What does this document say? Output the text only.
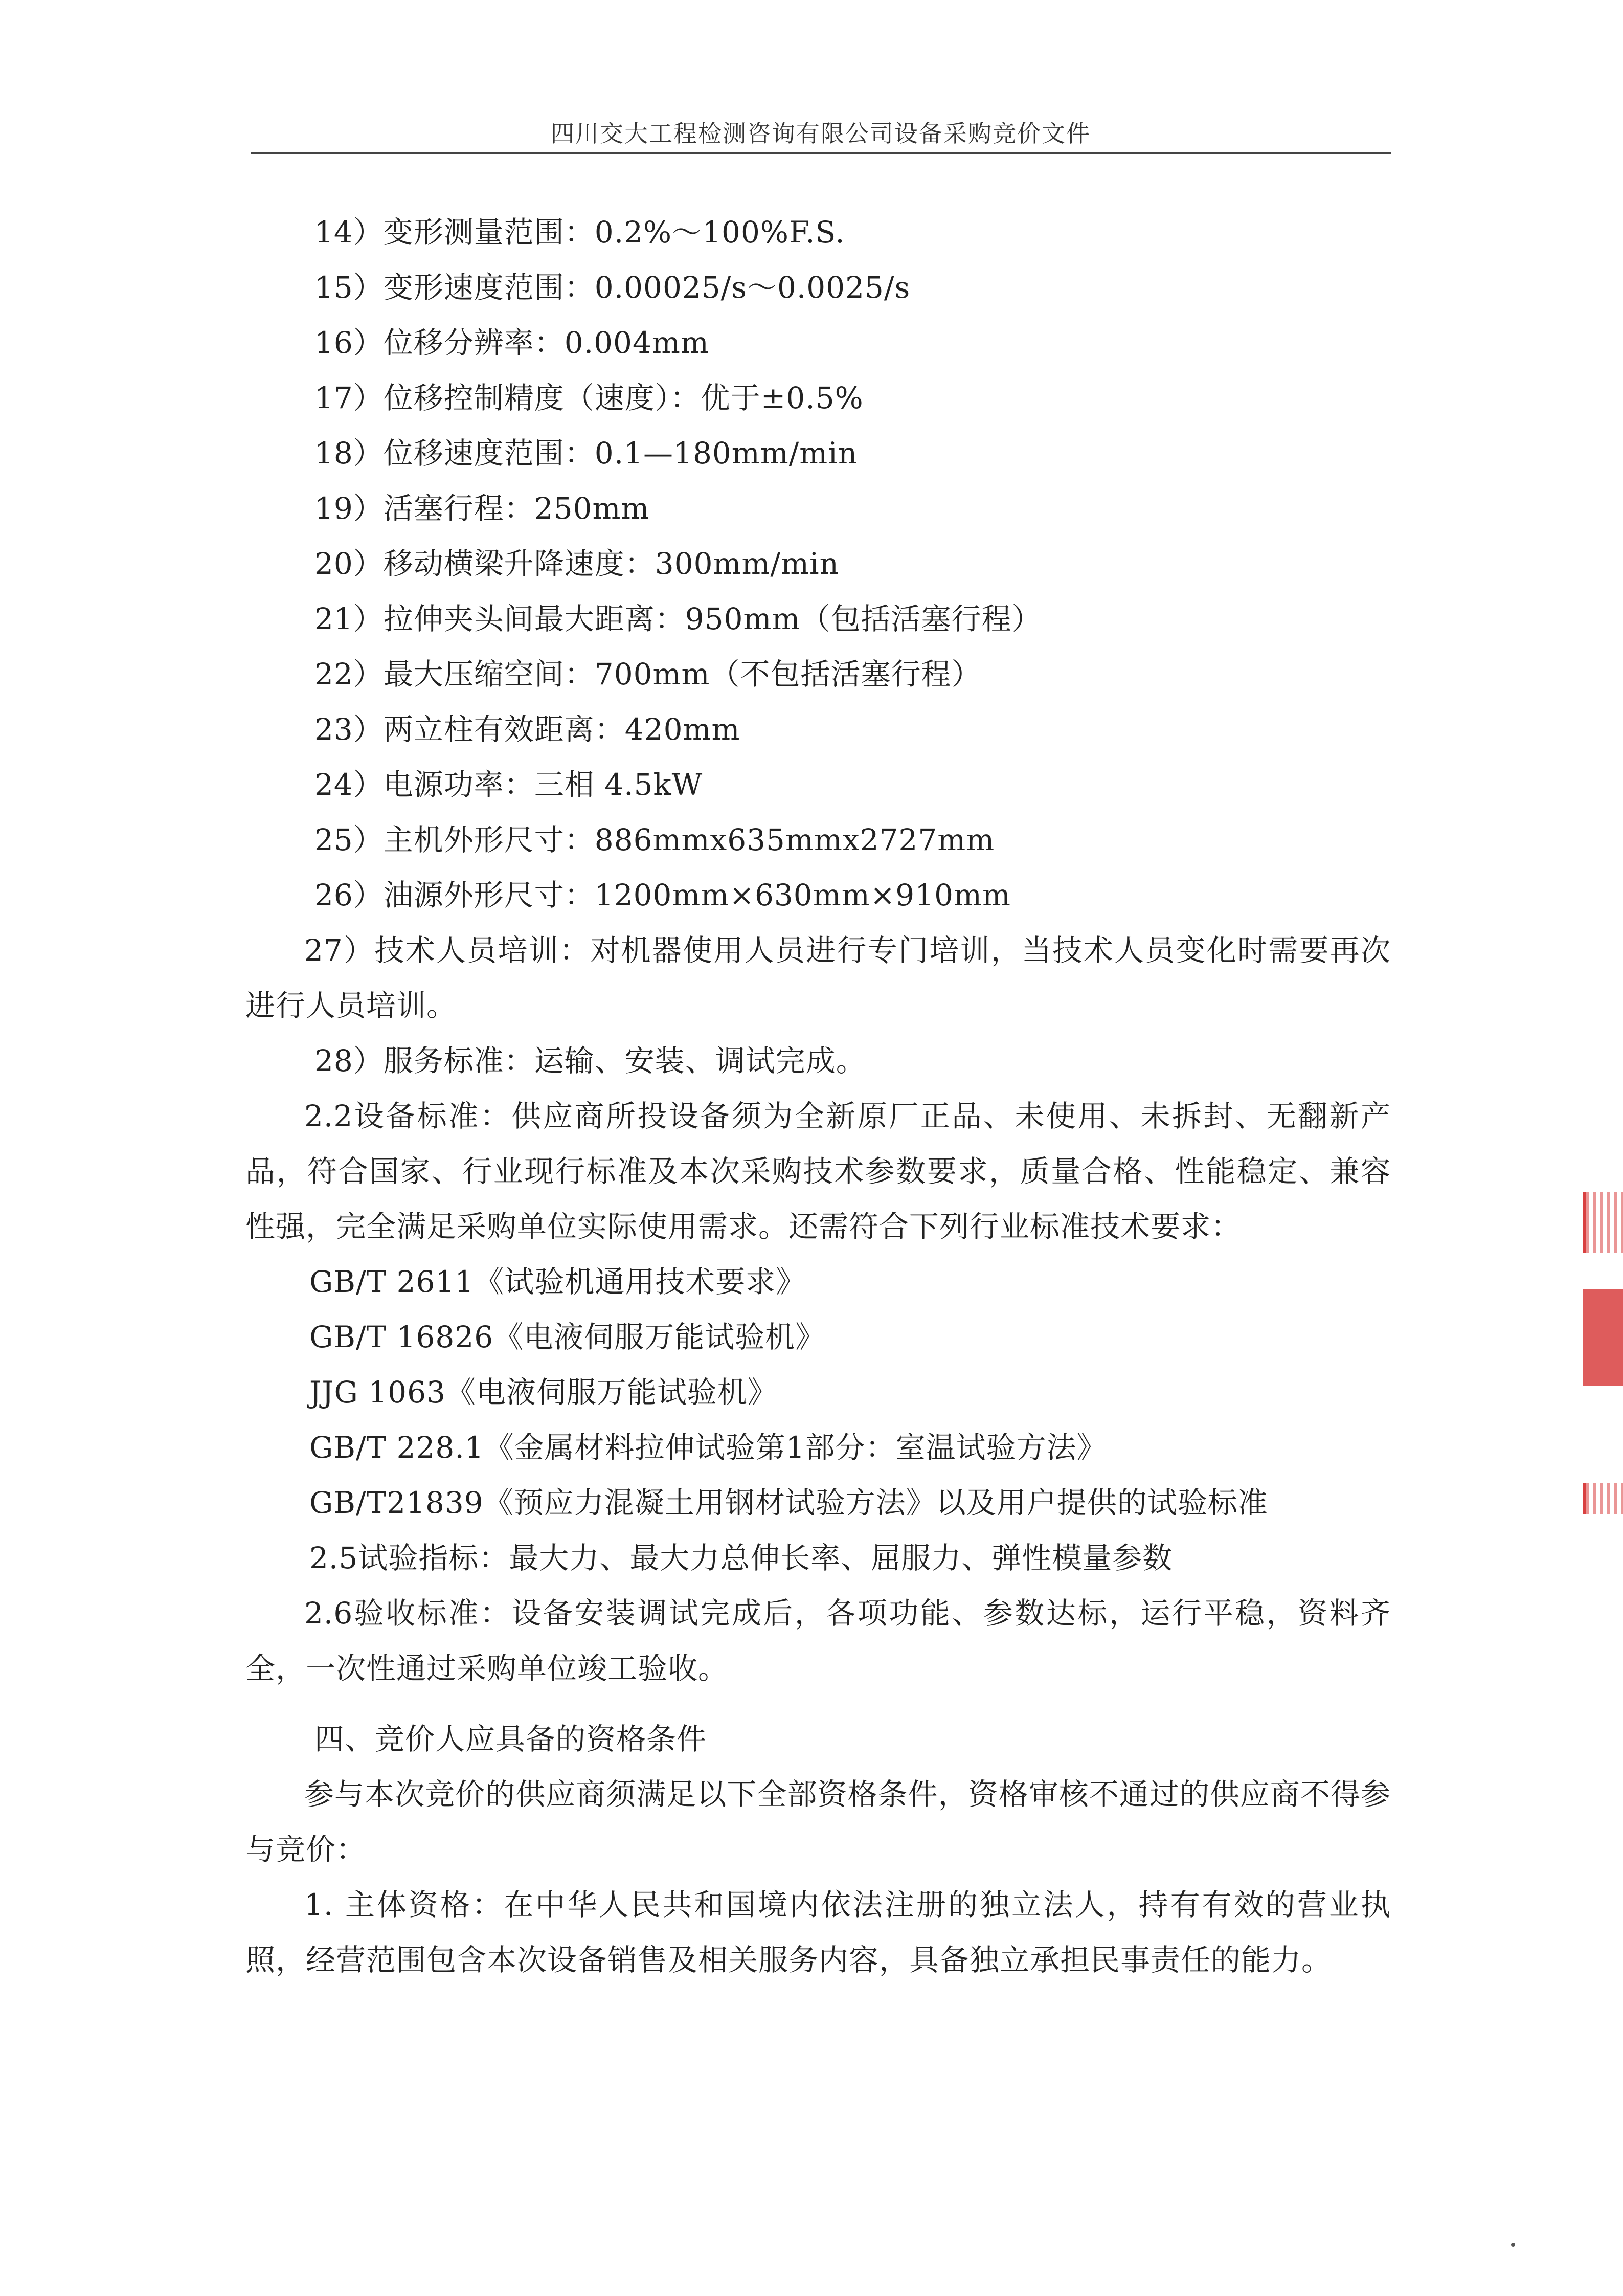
四川交大工程检测咨询有限公司设备采购竞价文件

14）变形测量范围：0.2%～100%F.S.

15）变形速度范围：0.00025/s～0.0025/s

16）位移分辨率：0.004mm

17）位移控制精度（速度）：优于±0.5%

18）位移速度范围：0.1—180mm/min

19）活塞行程：250mm

20）移动横梁升降速度：300mm/min

21）拉伸夹头间最大距离：950mm（包括活塞行程）

22）最大压缩空间：700mm（不包括活塞行程）

23）两立柱有效距离：420mm

24）电源功率：三相 4.5kW

25）主机外形尺寸：886mmx635mmx2727mm

26）油源外形尺寸：1200mm×630mm×910mm

27）技术人员培训：对机器使用人员进行专门培训，当技术人员变化时需要再次进行人员培训。

28）服务标准：运输、安装、调试完成。

2.2设备标准：供应商所投设备须为全新原厂正品、未使用、未拆封、无翻新产品，符合国家、行业现行标准及本次采购技术参数要求，质量合格、性能稳定、兼容性强，完全满足采购单位实际使用需求。还需符合下列行业标准技术要求：

GB/T 2611《试验机通用技术要求》

GB/T 16826《电液伺服万能试验机》

JJG 1063《电液伺服万能试验机》

GB/T 228.1《金属材料拉伸试验第1部分：室温试验方法》

GB/T21839《预应力混凝土用钢材试验方法》以及用户提供的试验标准

2.5试验指标：最大力、最大力总伸长率、屈服力、弹性模量参数

2.6验收标准：设备安装调试完成后，各项功能、参数达标，运行平稳，资料齐全，一次性通过采购单位竣工验收。

四、竞价人应具备的资格条件

参与本次竞价的供应商须满足以下全部资格条件，资格审核不通过的供应商不得参与竞价：

1. 主体资格：在中华人民共和国境内依法注册的独立法人，持有有效的营业执照，经营范围包含本次设备销售及相关服务内容，具备独立承担民事责任的能力。
